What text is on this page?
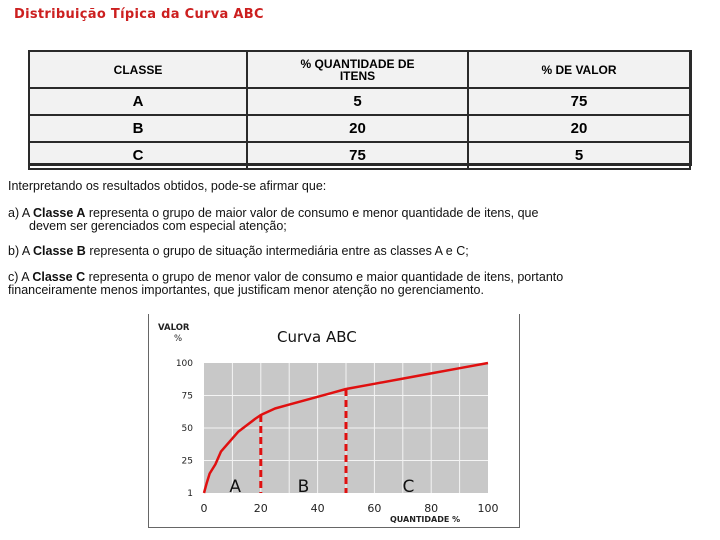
Distribuição Típica da Curva ABC
CLASSE	% QUANTIDADE DE ITENS	% DE VALOR
A	5	75
B	20	20
C	75	5
Interpretando os resultados obtidos, pode-se afirmar que:
a) A Classe A representa o grupo de maior valor de consumo e menor quantidade de itens, que
devem ser gerenciados com especial atenção;
b) A Classe B representa o grupo de situação intermediária entre as classes A e C;
c) A Classe C representa o grupo de menor valor de consumo e maior quantidade de itens, portanto
financeiramente menos importantes, que justificam menor atenção no gerenciamento.
Curva ABC
VALOR
%
QUANTIDADE %
1
25
50
75
100
0	20	40	60	80	100
A	B	C
